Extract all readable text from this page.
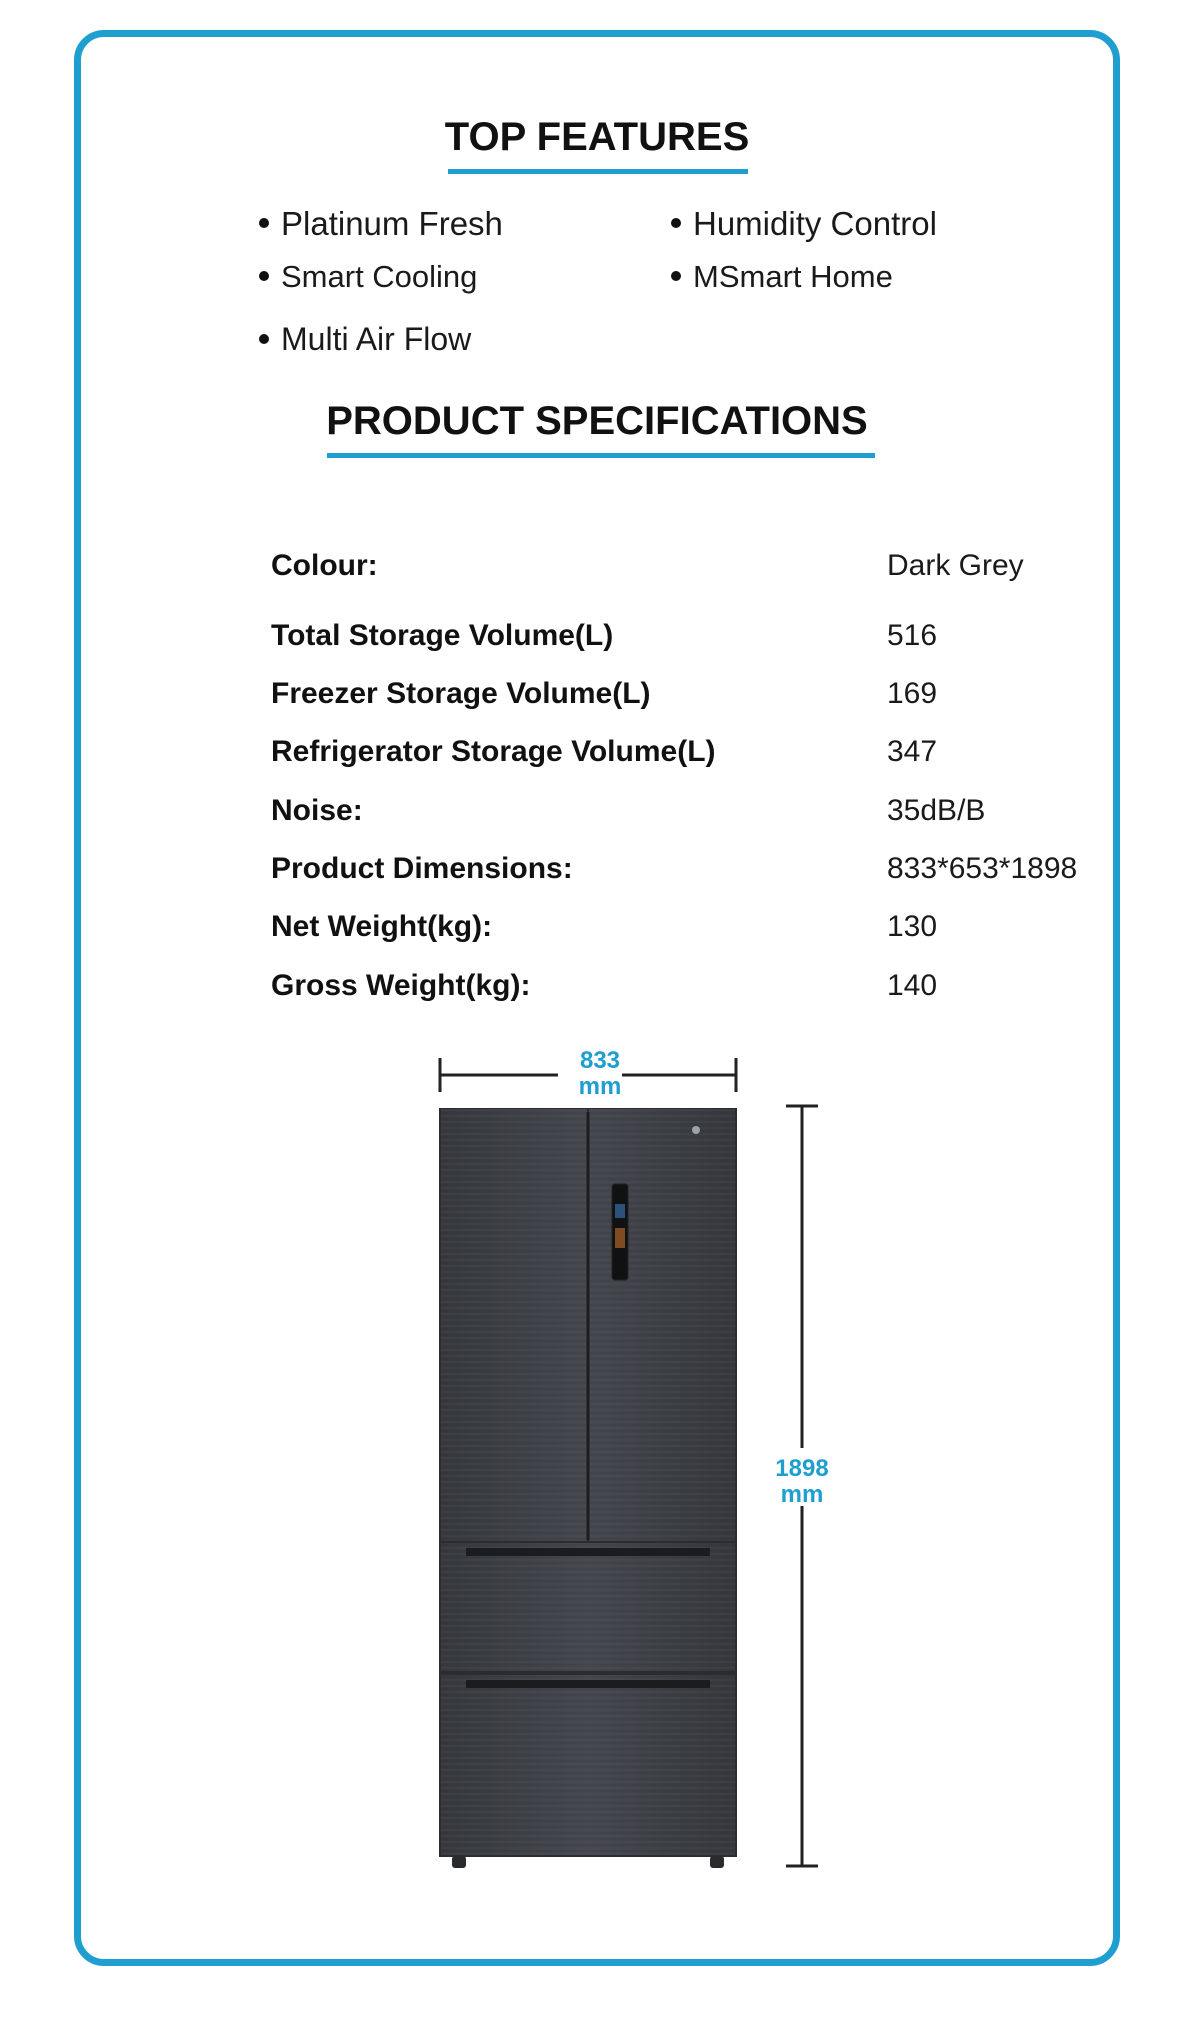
TOP FEATURES
Platinum Fresh	Humidity Control
Smart Cooling	MSmart Home
Multi Air Flow
PRODUCT SPECIFICATIONS
Colour:	Dark Grey
Total Storage Volume(L)	516
Freezer Storage Volume(L)	169
Refrigerator Storage Volume(L)	347
Noise:	35dB/B
Product Dimensions:	833*653*1898
Net Weight(kg):	130
Gross Weight(kg):	140
833
mm
1898
mm
